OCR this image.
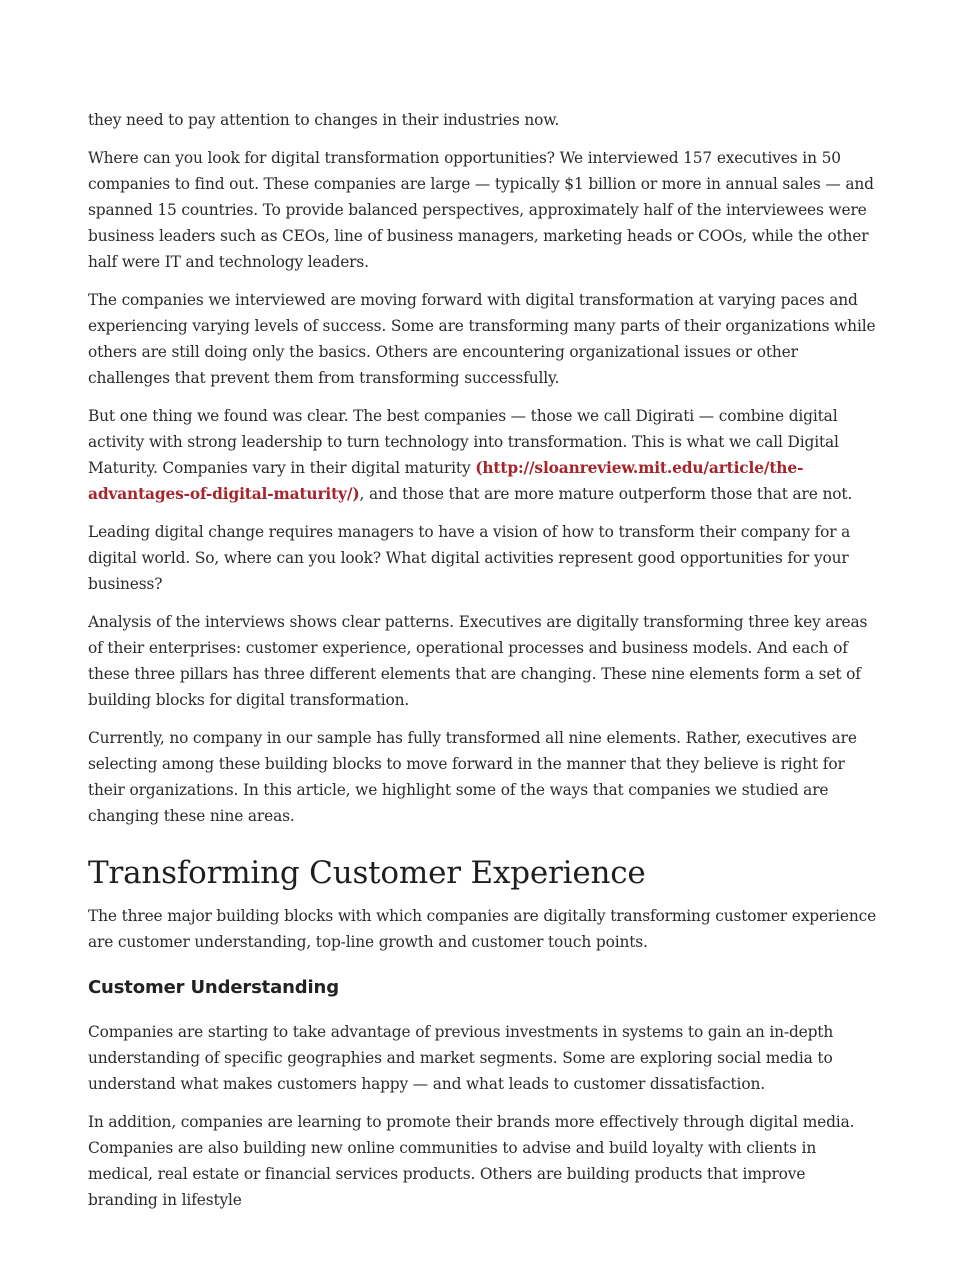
they need to pay attention to changes in their industries now.

Where can you look for digital transformation opportunities? We interviewed 157 executives in 50 companies to find out. These companies are large — typically $1 billion or more in annual sales — and spanned 15 countries. To provide balanced perspectives, approximately half of the interviewees were business leaders such as CEOs, line of business managers, marketing heads or COOs, while the other half were IT and technology leaders.

The companies we interviewed are moving forward with digital transformation at varying paces and experiencing varying levels of success. Some are transforming many parts of their organizations while others are still doing only the basics. Others are encountering organizational issues or other challenges that prevent them from transforming successfully.

But one thing we found was clear. The best companies — those we call Digirati — combine digital activity with strong leadership to turn technology into transformation. This is what we call Digital Maturity. Companies vary in their digital maturity (http://sloanreview.mit.edu/article/the-advantages-of-digital-maturity/), and those that are more mature outperform those that are not.

Leading digital change requires managers to have a vision of how to transform their company for a digital world. So, where can you look? What digital activities represent good opportunities for your business?

Analysis of the interviews shows clear patterns. Executives are digitally transforming three key areas of their enterprises: customer experience, operational processes and business models. And each of these three pillars has three different elements that are changing. These nine elements form a set of building blocks for digital transformation.

Currently, no company in our sample has fully transformed all nine elements. Rather, executives are selecting among these building blocks to move forward in the manner that they believe is right for their organizations. In this article, we highlight some of the ways that companies we studied are changing these nine areas.

Transforming Customer Experience

The three major building blocks with which companies are digitally transforming customer experience are customer understanding, top-line growth and customer touch points.

Customer Understanding

Companies are starting to take advantage of previous investments in systems to gain an in-depth understanding of specific geographies and market segments. Some are exploring social media to understand what makes customers happy — and what leads to customer dissatisfaction.

In addition, companies are learning to promote their brands more effectively through digital media. Companies are also building new online communities to advise and build loyalty with clients in medical, real estate or financial services products. Others are building products that improve branding in lifestyle
